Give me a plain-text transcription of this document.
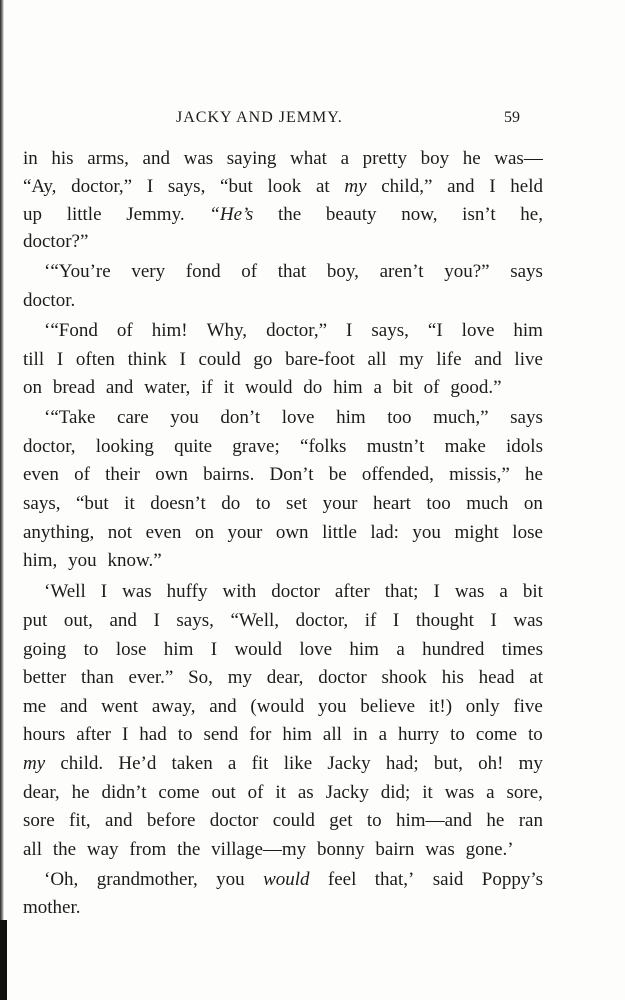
JACKY AND JEMMY.	59
in his arms, and was saying what a pretty boy he was—
“Ay, doctor,” I says, “but look at my child,” and I held
up little Jemmy. “He’s the beauty now, isn’t he,
doctor?”
‘“You’re very fond of that boy, aren’t you?” says
doctor.
‘“Fond of him! Why, doctor,” I says, “I love him
till I often think I could go bare-foot all my life and live
on bread and water, if it would do him a bit of good.”
‘“Take care you don’t love him too much,” says
doctor, looking quite grave; “folks mustn’t make idols
even of their own bairns. Don’t be offended, missis,” he
says, “but it doesn’t do to set your heart too much on
anything, not even on your own little lad: you might lose
him, you know.”
‘Well I was huffy with doctor after that; I was a bit
put out, and I says, “Well, doctor, if I thought I was
going to lose him I would love him a hundred times
better than ever.” So, my dear, doctor shook his head at
me and went away, and (would you believe it!) only five
hours after I had to send for him all in a hurry to come to
my child. He’d taken a fit like Jacky had; but, oh! my
dear, he didn’t come out of it as Jacky did; it was a sore,
sore fit, and before doctor could get to him—and he ran
all the way from the village—my bonny bairn was gone.’
‘Oh, grandmother, you would feel that,’ said Poppy’s
mother.
